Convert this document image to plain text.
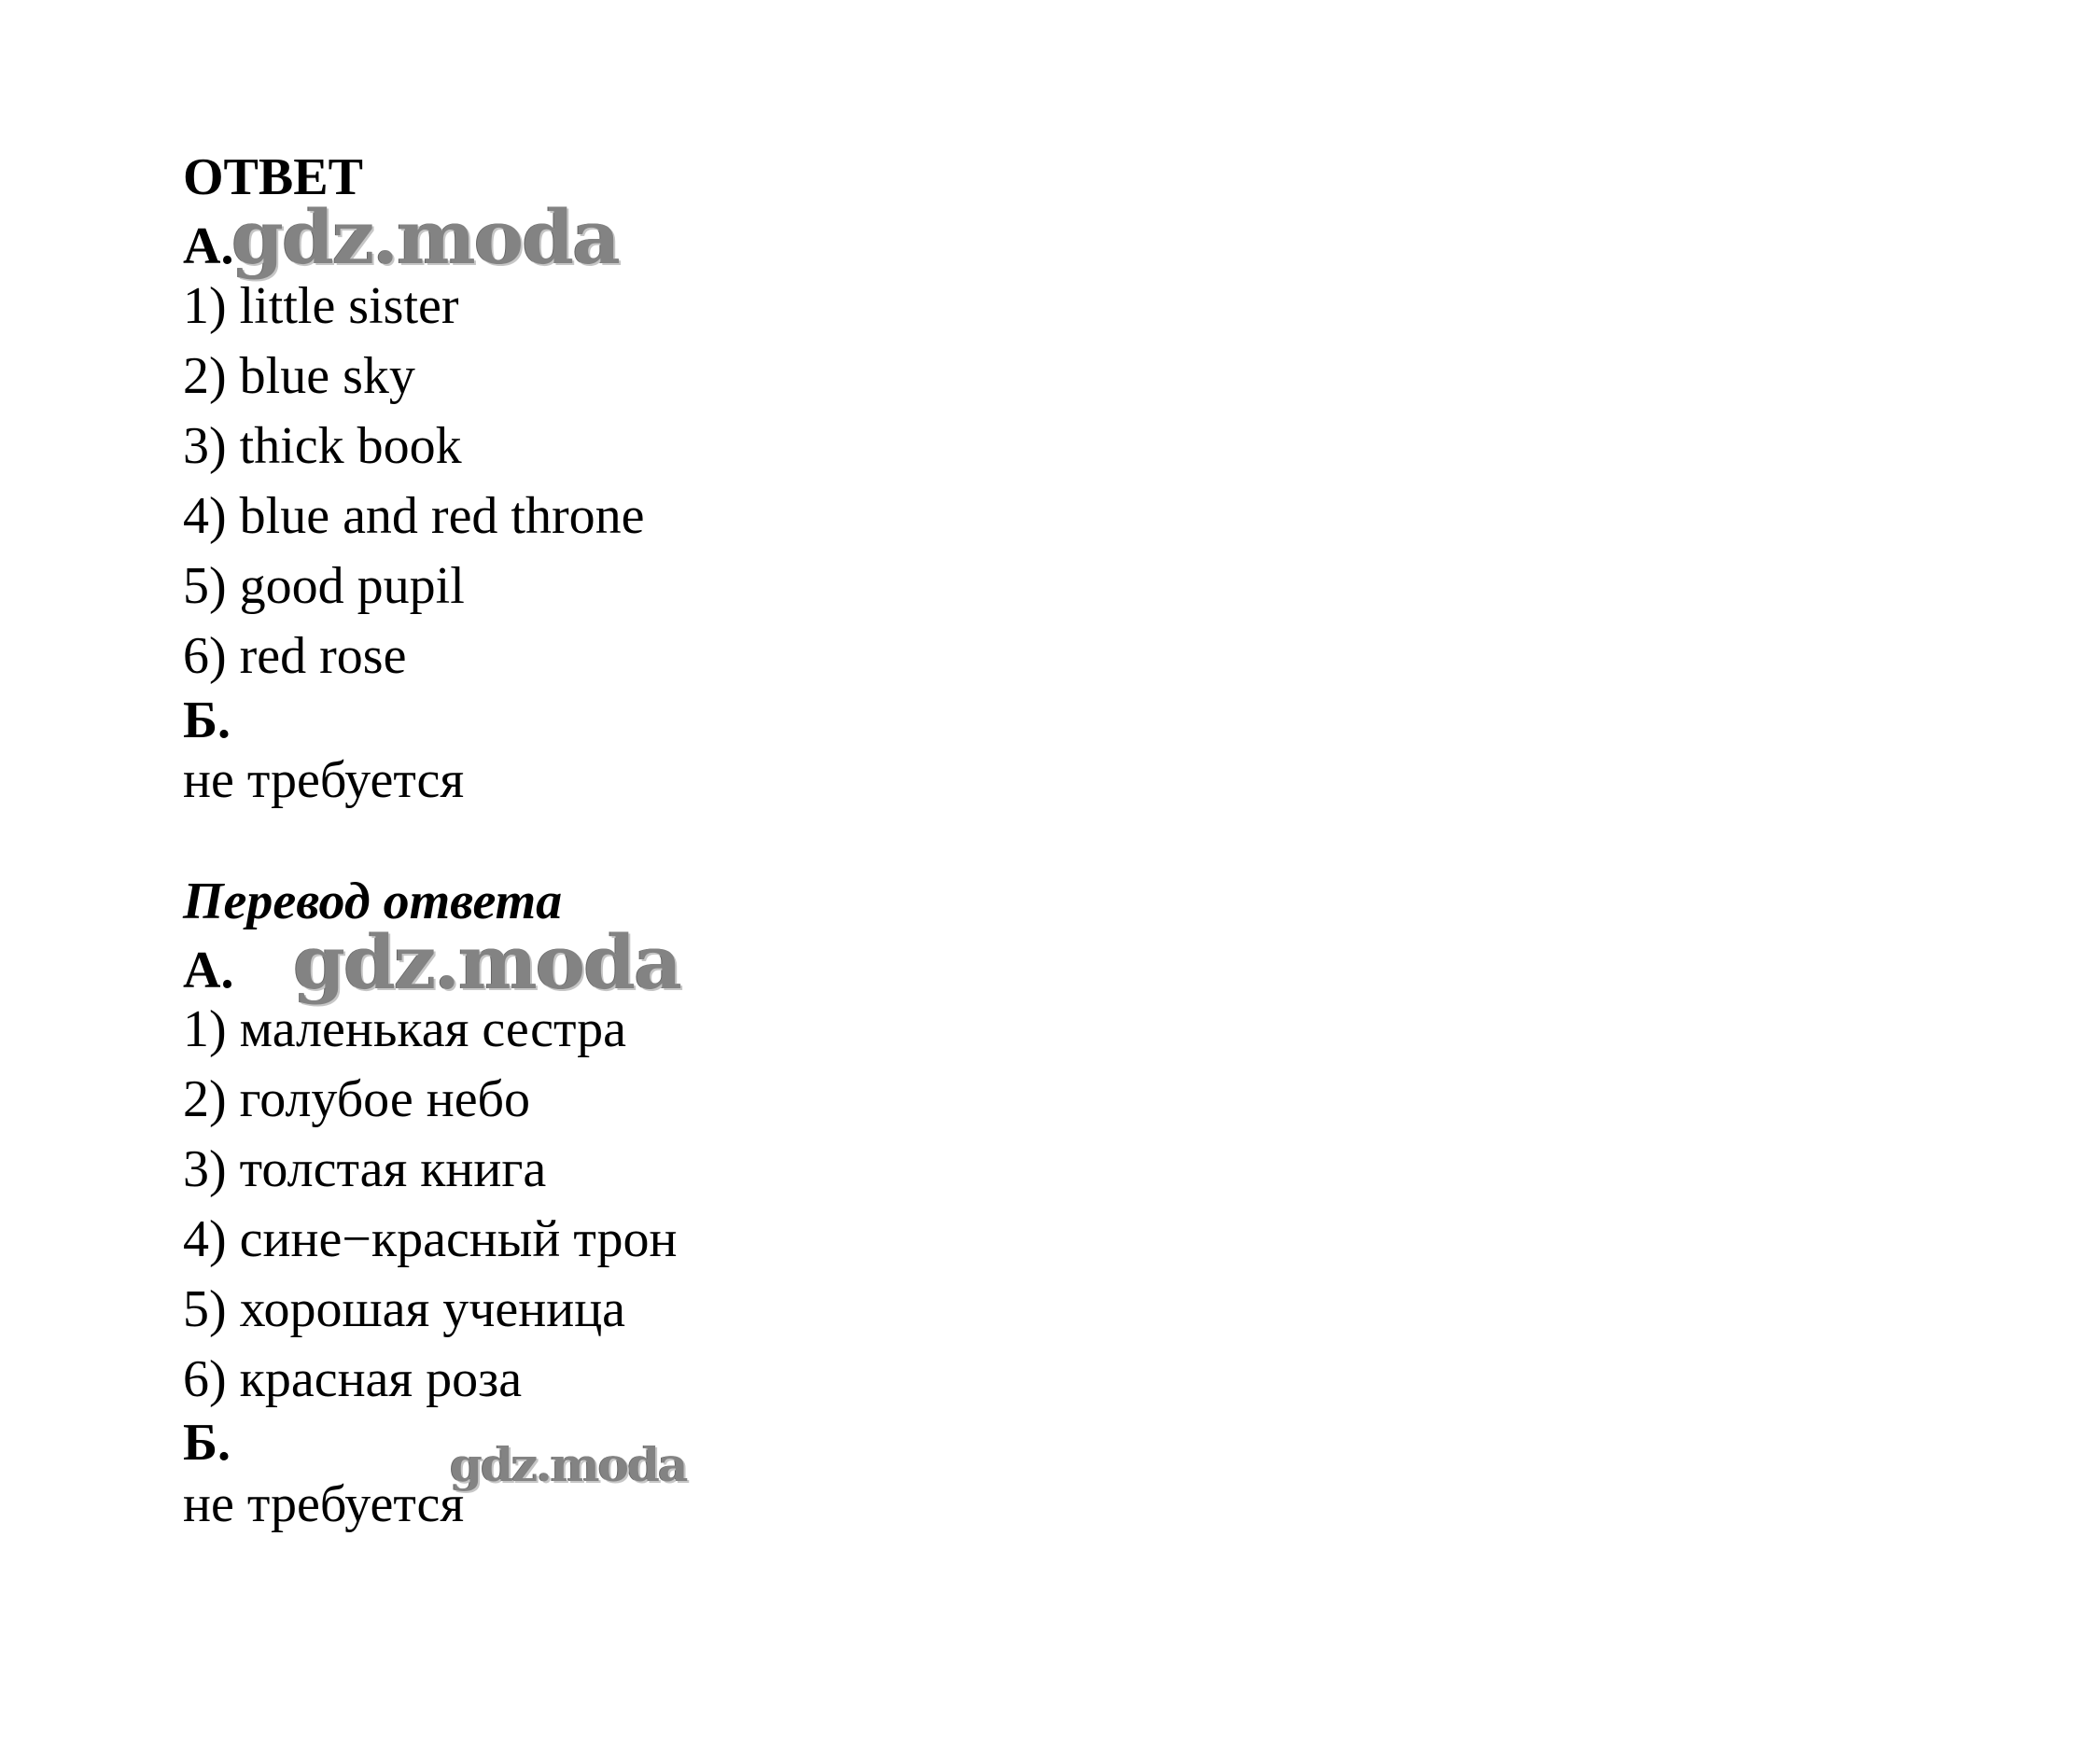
ОТВЕТ
А.
gdz.moda
1) little sister
2) blue sky
3) thick book
4) blue and red throne
5) good pupil
6) red rose
Б.
не требуется
Перевод ответа
А. gdz.moda
1) маленькая сестра
2) голубое небо
3) толстая книга
4) сине−красный трон
5) хорошая ученица
6) красная роза
Б.
не требуется
gdz.moda
